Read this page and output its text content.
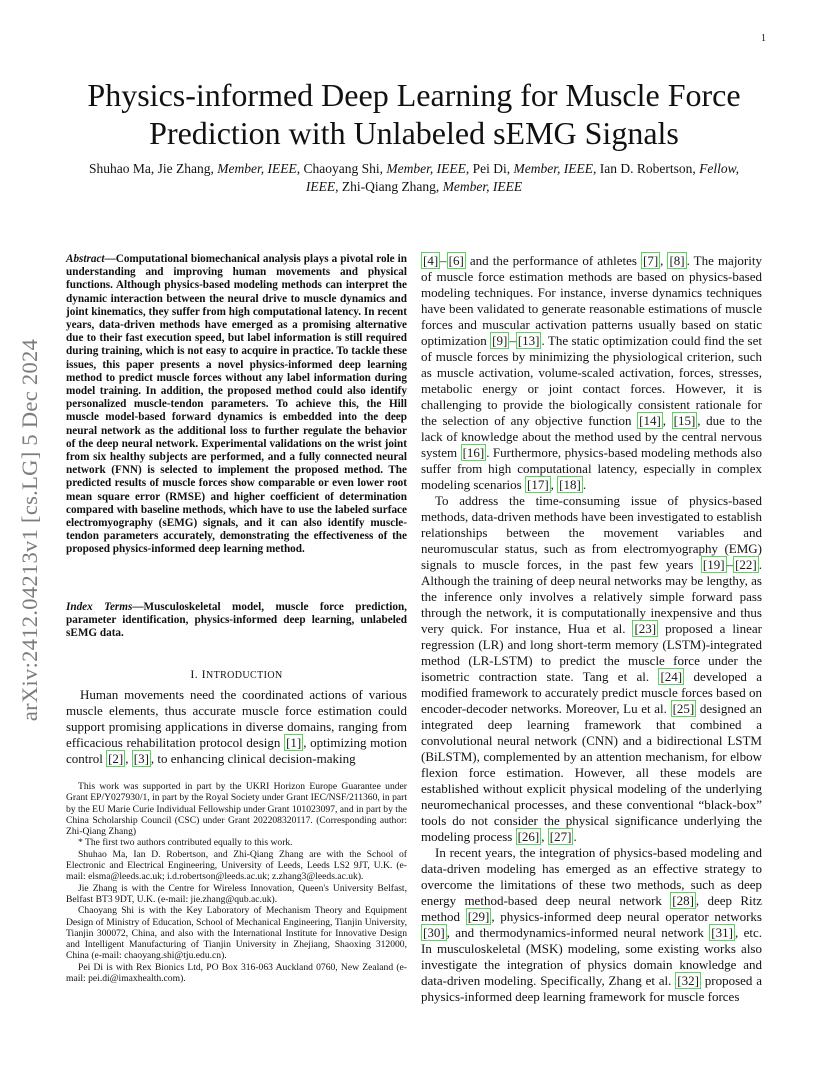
1
arXiv:2412.04213v1 [cs.LG] 5 Dec 2024
Physics-informed Deep Learning for Muscle Force Prediction with Unlabeled sEMG Signals
Shuhao Ma, Jie Zhang, Member, IEEE, Chaoyang Shi, Member, IEEE, Pei Di, Member, IEEE, Ian D. Robertson, Fellow, IEEE, Zhi-Qiang Zhang, Member, IEEE
Abstract—Computational biomechanical analysis plays a pivotal role in understanding and improving human movements and physical functions. Although physics-based modeling methods can interpret the dynamic interaction between the neural drive to muscle dynamics and joint kinematics, they suffer from high computational latency. In recent years, data-driven methods have emerged as a promising alternative due to their fast execution speed, but label information is still required during training, which is not easy to acquire in practice. To tackle these issues, this paper presents a novel physics-informed deep learning method to predict muscle forces without any label information during model training. In addition, the proposed method could also identify personalized muscle-tendon parameters. To achieve this, the Hill muscle model-based forward dynamics is embedded into the deep neural network as the additional loss to further regulate the behavior of the deep neural network. Experimental validations on the wrist joint from six healthy subjects are performed, and a fully connected neural network (FNN) is selected to implement the proposed method. The predicted results of muscle forces show comparable or even lower root mean square error (RMSE) and higher coefficient of determination compared with baseline methods, which have to use the labeled surface electromyography (sEMG) signals, and it can also identify muscle-tendon parameters accurately, demonstrating the effectiveness of the proposed physics-informed deep learning method.
Index Terms—Musculoskeletal model, muscle force prediction, parameter identification, physics-informed deep learning, unlabeled sEMG data.
I. INTRODUCTION
Human movements need the coordinated actions of various muscle elements, thus accurate muscle force estimation could support promising applications in diverse domains, ranging from efficacious rehabilitation protocol design [1] , optimizing motion control [2] , [3] , to enhancing clinical decision-making

This work was supported in part by the UKRI Horizon Europe Guarantee under Grant EP/Y027930/1, in part by the Royal Society under Grant IEC/NSF/211360, in part by the EU Marie Curie Individual Fellowship under Grant 101023097, and in part by the China Scholarship Council (CSC) under Grant 202208320117. (Corresponding author: Zhi-Qiang Zhang)

* The first two authors contributed equally to this work.

Shuhao Ma, Ian D. Robertson, and Zhi-Qiang Zhang are with the School of Electronic and Electrical Engineering, University of Leeds, Leeds LS2 9JT, U.K. (e-mail: elsma@leeds.ac.uk; i.d.robertson@leeds.ac.uk; z.zhang3@leeds.ac.uk).

Jie Zhang is with the Centre for Wireless Innovation, Queen's University Belfast, Belfast BT3 9DT, U.K. (e-mail: jie.zhang@qub.ac.uk).

Chaoyang Shi is with the Key Laboratory of Mechanism Theory and Equipment Design of Ministry of Education, School of Mechanical Engineering, Tianjin University, Tianjin 300072, China, and also with the International Institute for Innovative Design and Intelligent Manufacturing of Tianjin University in Zhejiang, Shaoxing 312000, China (e-mail: chaoyang.shi@tju.edu.cn).

Pei Di is with Rex Bionics Ltd, PO Box 316-063 Auckland 0760, New Zealand (e-mail: pei.di@imaxhealth.com).

[4] – [6] and the performance of athletes [7] , [8] . The majority of muscle force estimation methods are based on physics-based modeling techniques. For instance, inverse dynamics techniques have been validated to generate reasonable estimations of muscle forces and muscular activation patterns usually based on static optimization [9] – [13] . The static optimization could find the set of muscle forces by minimizing the physiological criterion, such as muscle activation, volume-scaled activation, forces, stresses, metabolic energy or joint contact forces. However, it is challenging to provide the biologically consistent rationale for the selection of any objective function [14] , [15] , due to the lack of knowledge about the method used by the central nervous system [16] . Furthermore, physics-based modeling methods also suffer from high computational latency, especially in complex modeling scenarios [17] , [18] .

To address the time-consuming issue of physics-based methods, data-driven methods have been investigated to establish relationships between the movement variables and neuromuscular status, such as from electromyography (EMG) signals to muscle forces, in the past few years [19] – [22] . Although the training of deep neural networks may be lengthy, as the inference only involves a relatively simple forward pass through the network, it is computationally inexpensive and thus very quick. For instance, Hua et al. [23] proposed a linear regression (LR) and long short-term memory (LSTM)-integrated method (LR-LSTM) to predict the muscle force under the isometric contraction state. Tang et al. [24] developed a modified framework to accurately predict muscle forces based on encoder-decoder networks. Moreover, Lu et al. [25] designed an integrated deep learning framework that combined a convolutional neural network (CNN) and a bidirectional LSTM (BiLSTM), complemented by an attention mechanism, for elbow flexion force estimation. However, all these models are established without explicit physical modeling of the underlying neuromechanical processes, and these conventional “black-box” tools do not consider the physical significance underlying the modeling process [26] , [27] .

In recent years, the integration of physics-based modeling and data-driven modeling has emerged as an effective strategy to overcome the limitations of these two methods, such as deep energy method-based deep neural network [28] , deep Ritz method [29] , physics-informed deep neural operator networks [30] , and thermodynamics-informed neural network [31] , etc. In musculoskeletal (MSK) modeling, some existing works also investigate the integration of physics domain knowledge and data-driven modeling. Specifically, Zhang et al. [32] proposed a physics-informed deep learning framework for muscle forces
